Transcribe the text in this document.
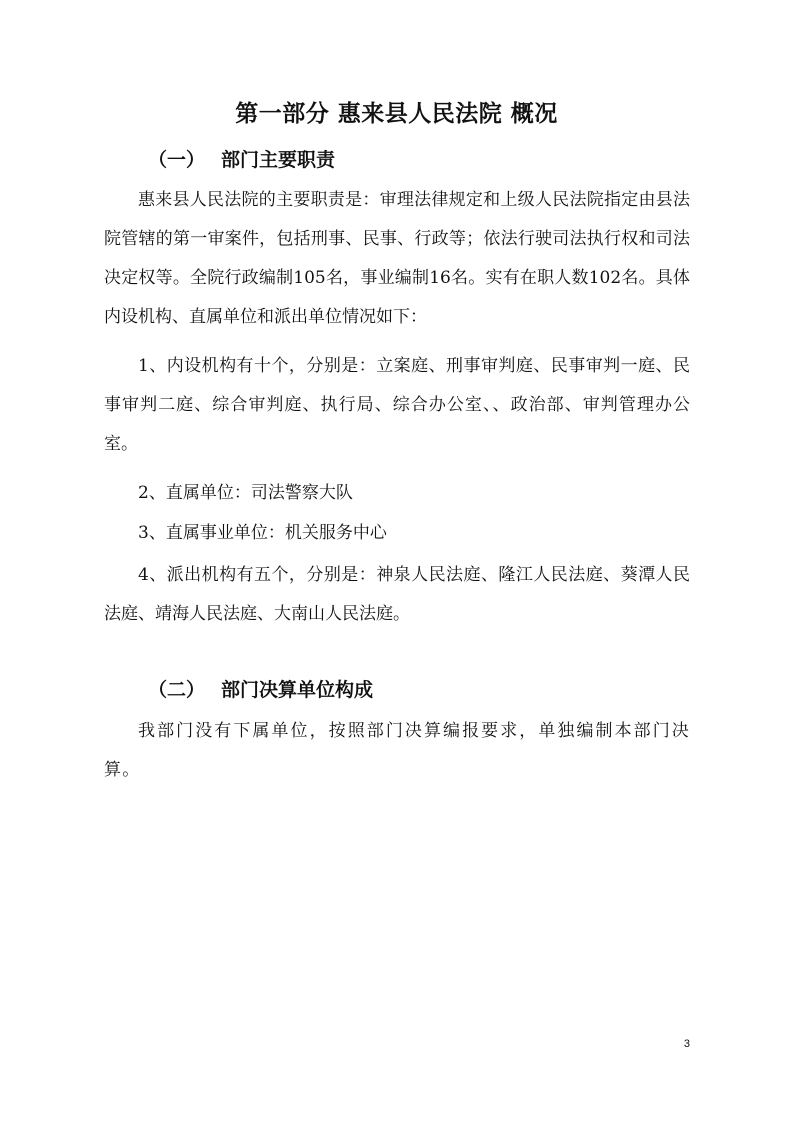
第一部分 惠来县人民法院 概况
（一） 部门主要职责

惠来县人民法院的主要职责是：审理法律规定和上级人民法院指定由县法院管辖的第一审案件，包括刑事、民事、行政等；依法行驶司法执行权和司法决定权等。全院行政编制105名，事业编制16名。实有在职人数102名。具体内设机构、直属单位和派出单位情况如下：

1、内设机构有十个，分别是：立案庭、刑事审判庭、民事审判一庭、民事审判二庭、综合审判庭、执行局、综合办公室、、政治部、审判管理办公室。

2、直属单位：司法警察大队

3、直属事业单位：机关服务中心

4、派出机构有五个，分别是：神泉人民法庭、隆江人民法庭、葵潭人民法庭、靖海人民法庭、大南山人民法庭。

（二） 部门决算单位构成

我部门没有下属单位，按照部门决算编报要求，单独编制本部门决算。

3
